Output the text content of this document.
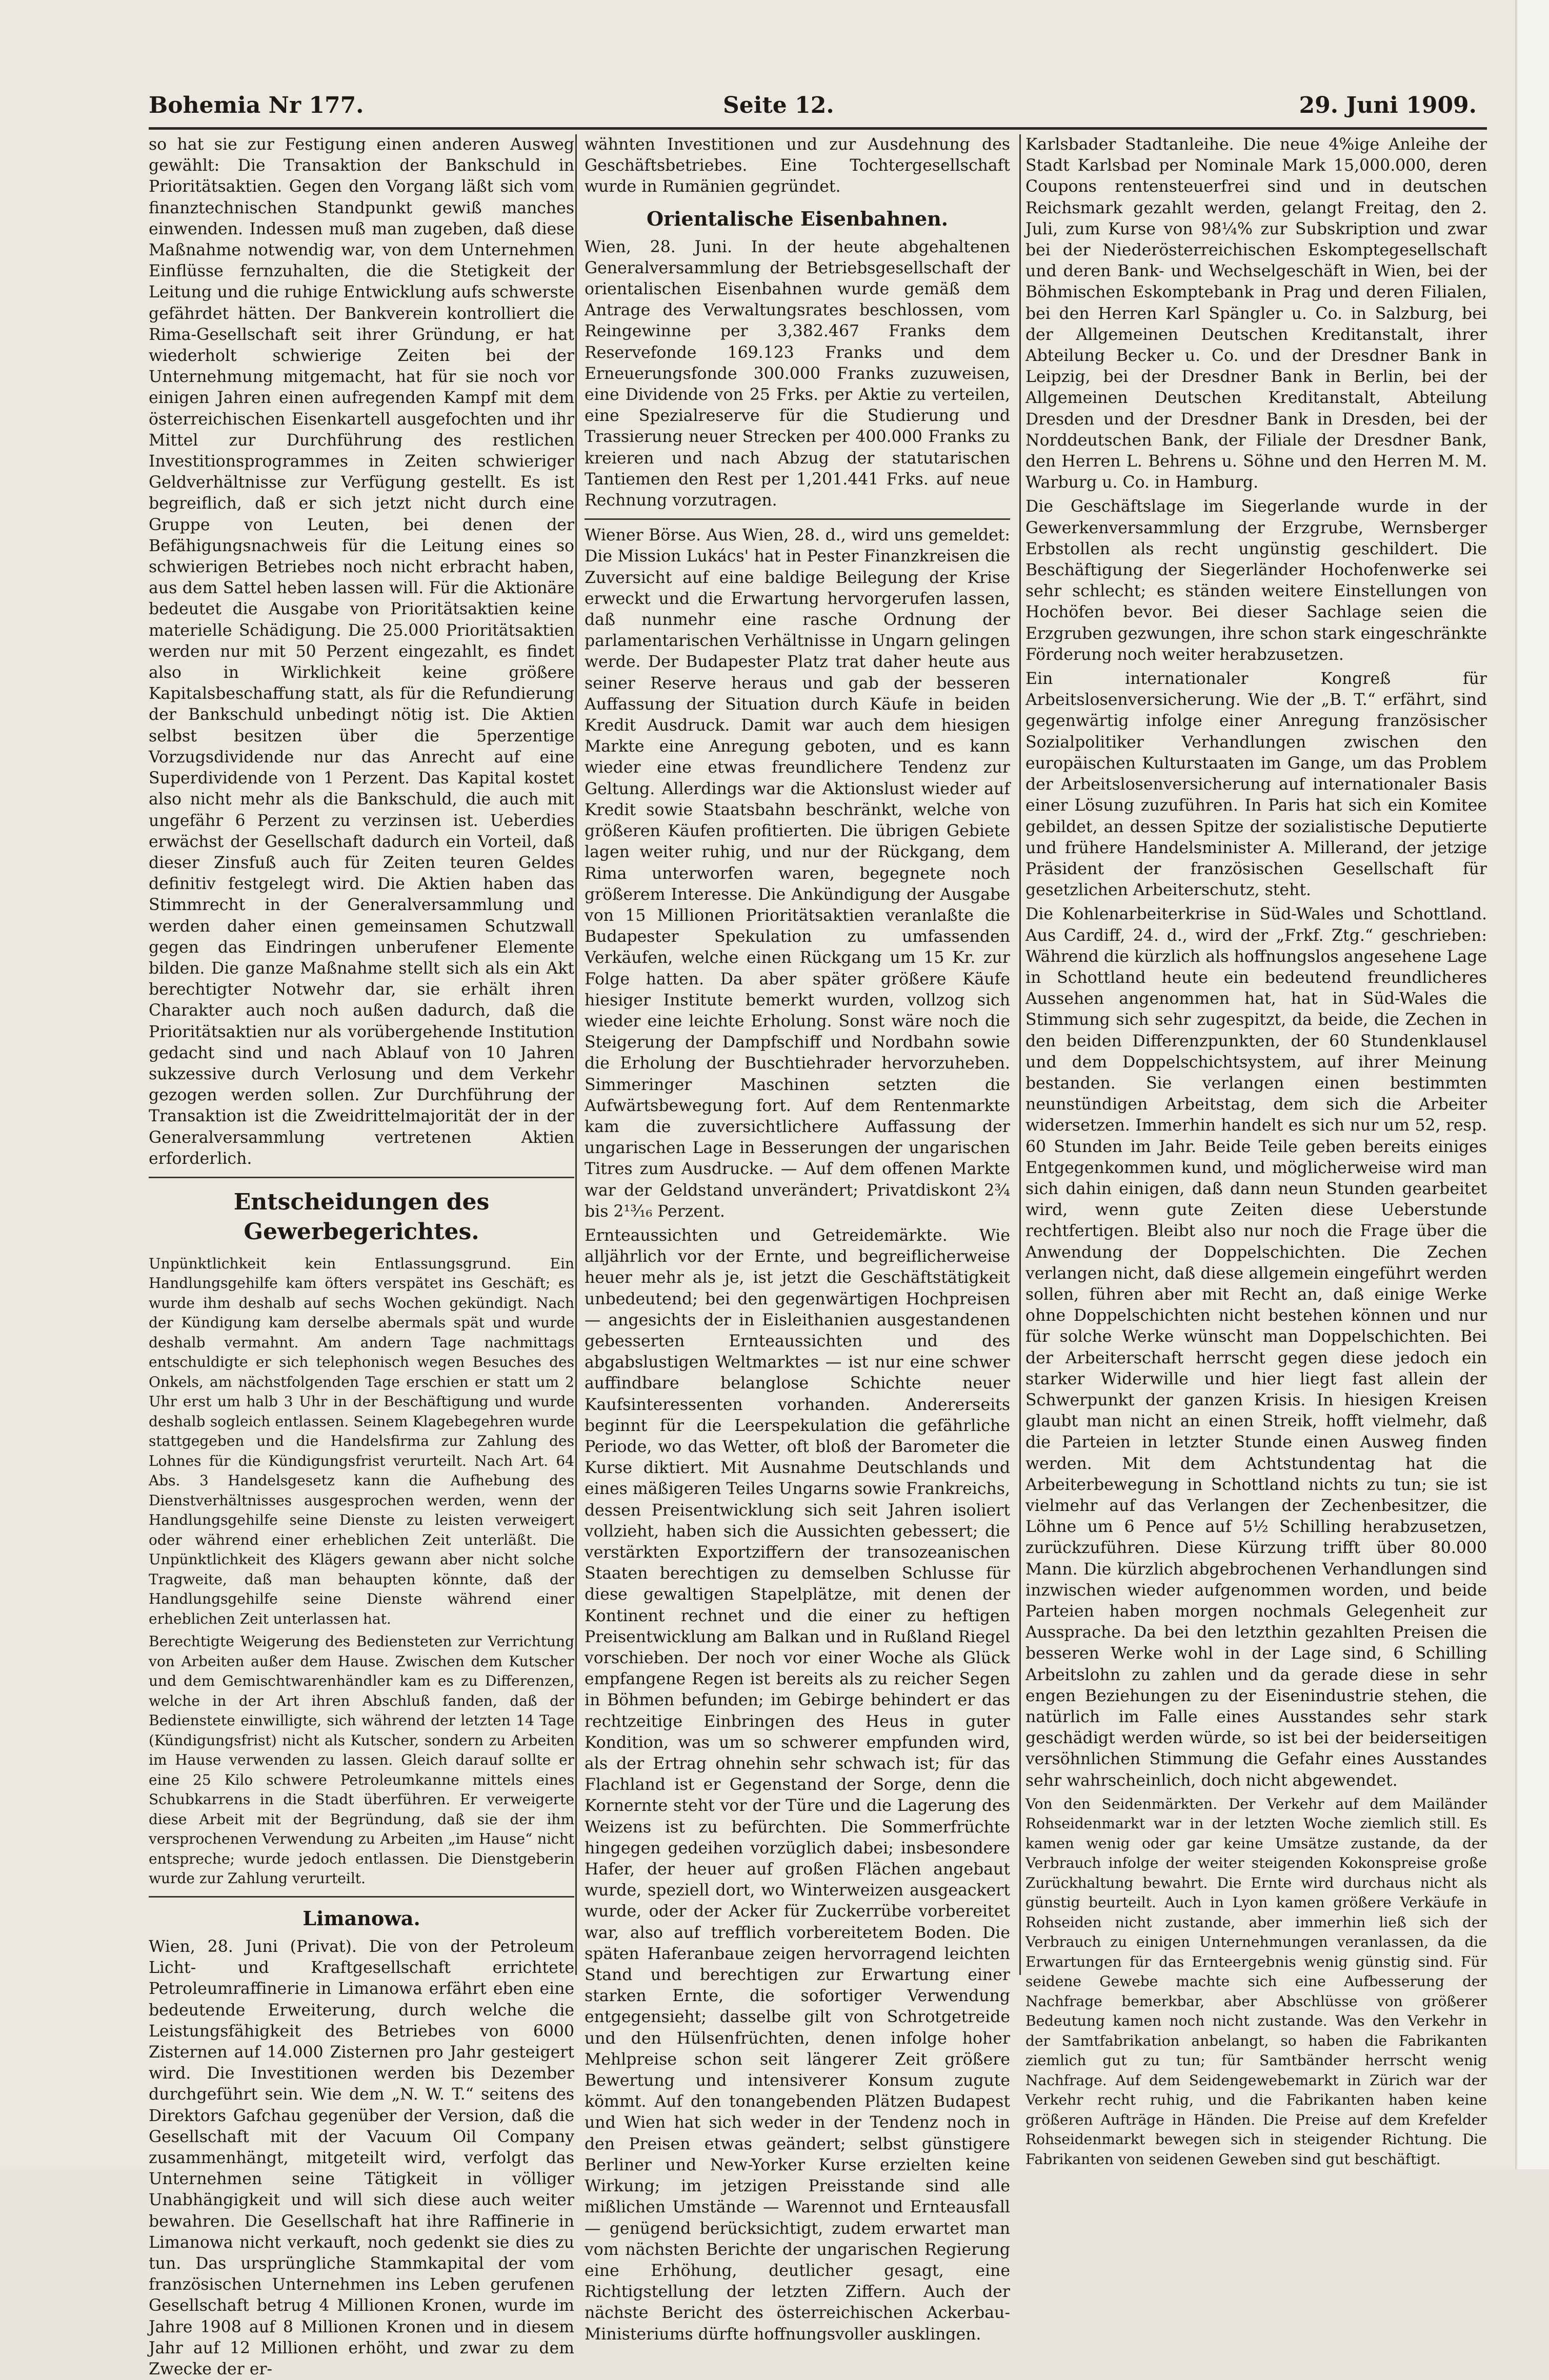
Bohemia Nr 177.	Seite 12.	29. Juni 1909.

so hat sie zur Festigung einen anderen Ausweg gewählt: Die Transaktion der Bankschuld in Prioritätsaktien. Gegen den Vorgang läßt sich vom finanztechnischen Standpunkt gewiß manches einwenden. Indessen muß man zugeben, daß diese Maßnahme notwendig war, von dem Unternehmen Einflüsse fernzuhalten, die die Stetigkeit der Leitung und die ruhige Entwicklung aufs schwerste gefährdet hätten. Der Bankverein kontrolliert die Rima-Gesellschaft seit ihrer Gründung, er hat wiederholt schwierige Zeiten bei der Unternehmung mitgemacht, hat für sie noch vor einigen Jahren einen aufregenden Kampf mit dem österreichischen Eisenkartell ausgefochten und ihr Mittel zur Durchführung des restlichen Investitionsprogrammes in Zeiten schwieriger Geldverhältnisse zur Verfügung gestellt. Es ist begreiflich, daß er sich jetzt nicht durch eine Gruppe von Leuten, bei denen der Befähigungsnachweis für die Leitung eines so schwierigen Betriebes noch nicht erbracht haben, aus dem Sattel heben lassen will. Für die Aktionäre bedeutet die Ausgabe von Prioritätsaktien keine materielle Schädigung. Die 25.000 Prioritätsaktien werden nur mit 50 Perzent eingezahlt, es findet also in Wirklichkeit keine größere Kapitalsbeschaffung statt, als für die Refundierung der Bankschuld unbedingt nötig ist. Die Aktien selbst besitzen über die 5perzentige Vorzugsdividende nur das Anrecht auf eine Superdividende von 1 Perzent. Das Kapital kostet also nicht mehr als die Bankschuld, die auch mit ungefähr 6 Perzent zu verzinsen ist. Ueberdies erwächst der Gesellschaft dadurch ein Vorteil, daß dieser Zinsfuß auch für Zeiten teuren Geldes definitiv festgelegt wird. Die Aktien haben das Stimmrecht in der Generalversammlung und werden daher einen gemeinsamen Schutzwall gegen das Eindringen unberufener Elemente bilden. Die ganze Maßnahme stellt sich als ein Akt berechtigter Notwehr dar, sie erhält ihren Charakter auch noch außen dadurch, daß die Prioritätsaktien nur als vorübergehende Institution gedacht sind und nach Ablauf von 10 Jahren sukzessive durch Verlosung und dem Verkehr gezogen werden sollen. Zur Durchführung der Transaktion ist die Zweidrittelmajorität der in der Generalversammlung vertretenen Aktien erforderlich.

Entscheidungen des Gewerbegerichtes.

Unpünktlichkeit kein Entlassungsgrund. Ein Handlungsgehilfe kam öfters verspätet ins Geschäft; es wurde ihm deshalb auf sechs Wochen gekündigt. Nach der Kündigung kam derselbe abermals spät und wurde deshalb vermahnt. Am andern Tage nachmittags entschuldigte er sich telephonisch wegen Besuches des Onkels, am nächstfolgenden Tage erschien er statt um 2 Uhr erst um halb 3 Uhr in der Beschäftigung und wurde deshalb sogleich entlassen. Seinem Klagebegehren wurde stattgegeben und die Handelsfirma zur Zahlung des Lohnes für die Kündigungsfrist verurteilt. Nach Art. 64 Abs. 3 Handelsgesetz kann die Aufhebung des Dienstverhältnisses ausgesprochen werden, wenn der Handlungsgehilfe seine Dienste zu leisten verweigert oder während einer erheblichen Zeit unterläßt. Die Unpünktlichkeit des Klägers gewann aber nicht solche Tragweite, daß man behaupten könnte, daß der Handlungsgehilfe seine Dienste während einer erheblichen Zeit unterlassen hat.

Berechtigte Weigerung des Bediensteten zur Verrichtung von Arbeiten außer dem Hause. Zwischen dem Kutscher und dem Gemischtwarenhändler kam es zu Differenzen, welche in der Art ihren Abschluß fanden, daß der Bedienstete einwilligte, sich während der letzten 14 Tage (Kündigungsfrist) nicht als Kutscher, sondern zu Arbeiten im Hause verwenden zu lassen. Gleich darauf sollte er eine 25 Kilo schwere Petroleumkanne mittels eines Schubkarrens in die Stadt überführen. Er verweigerte diese Arbeit mit der Begründung, daß sie der ihm versprochenen Verwendung zu Arbeiten „im Hause“ nicht entspreche; wurde jedoch entlassen. Die Dienstgeberin wurde zur Zahlung verurteilt.

Limanowa.

Wien, 28. Juni (Privat). Die von der Petroleum Licht- und Kraftgesellschaft errichtete Petroleumraffinerie in Limanowa erfährt eben eine bedeutende Erweiterung, durch welche die Leistungsfähigkeit des Betriebes von 6000 Zisternen auf 14.000 Zisternen pro Jahr gesteigert wird. Die Investitionen werden bis Dezember durchgeführt sein. Wie dem „N. W. T.“ seitens des Direktors Gafchau gegenüber der Version, daß die Gesellschaft mit der Vacuum Oil Company zusammenhängt, mitgeteilt wird, verfolgt das Unternehmen seine Tätigkeit in völliger Unabhängigkeit und will sich diese auch weiter bewahren. Die Gesellschaft hat ihre Raffinerie in Limanowa nicht verkauft, noch gedenkt sie dies zu tun. Das ursprüngliche Stammkapital der vom französischen Unternehmen ins Leben gerufenen Gesellschaft betrug 4 Millionen Kronen, wurde im Jahre 1908 auf 8 Millionen Kronen und in diesem Jahr auf 12 Millionen erhöht, und zwar zu dem Zwecke der er-

wähnten Investitionen und zur Ausdehnung des Geschäftsbetriebes. Eine Tochtergesellschaft wurde in Rumänien gegründet.

Orientalische Eisenbahnen.

Wien, 28. Juni. In der heute abgehaltenen Generalversammlung der Betriebsgesellschaft der orientalischen Eisenbahnen wurde gemäß dem Antrage des Verwaltungsrates beschlossen, vom Reingewinne per 3,382.467 Franks dem Reservefonde 169.123 Franks und dem Erneuerungsfonde 300.000 Franks zuzuweisen, eine Dividende von 25 Frks. per Aktie zu verteilen, eine Spezialreserve für die Studierung und Trassierung neuer Strecken per 400.000 Franks zu kreieren und nach Abzug der statutarischen Tantiemen den Rest per 1,201.441 Frks. auf neue Rechnung vorzutragen.

Wiener Börse. Aus Wien, 28. d., wird uns gemeldet: Die Mission Lukács' hat in Pester Finanzkreisen die Zuversicht auf eine baldige Beilegung der Krise erweckt und die Erwartung hervorgerufen lassen, daß nunmehr eine rasche Ordnung der parlamentarischen Verhältnisse in Ungarn gelingen werde. Der Budapester Platz trat daher heute aus seiner Reserve heraus und gab der besseren Auffassung der Situation durch Käufe in beiden Kredit Ausdruck. Damit war auch dem hiesigen Markte eine Anregung geboten, und es kann wieder eine etwas freundlichere Tendenz zur Geltung. Allerdings war die Aktionslust wieder auf Kredit sowie Staatsbahn beschränkt, welche von größeren Käufen profitierten. Die übrigen Gebiete lagen weiter ruhig, und nur der Rückgang, dem Rima unterworfen waren, begegnete noch größerem Interesse. Die Ankündigung der Ausgabe von 15 Millionen Prioritätsaktien veranlaßte die Budapester Spekulation zu umfassenden Verkäufen, welche einen Rückgang um 15 Kr. zur Folge hatten. Da aber später größere Käufe hiesiger Institute bemerkt wurden, vollzog sich wieder eine leichte Erholung. Sonst wäre noch die Steigerung der Dampfschiff und Nordbahn sowie die Erholung der Buschtiehrader hervorzuheben. Simmeringer Maschinen setzten die Aufwärtsbewegung fort. Auf dem Rentenmarkte kam die zuversichtlichere Auffassung der ungarischen Lage in Besserungen der ungarischen Titres zum Ausdrucke. — Auf dem offenen Markte war der Geldstand unverändert; Privatdiskont 2¾ bis 2¹³⁄₁₆ Perzent.

Ernteaussichten und Getreidemärkte. Wie alljährlich vor der Ernte, und begreiflicherweise heuer mehr als je, ist jetzt die Geschäftstätigkeit unbedeutend; bei den gegenwärtigen Hochpreisen — angesichts der in Eisleithanien ausgestandenen gebesserten Ernteaussichten und des abgabslustigen Weltmarktes — ist nur eine schwer auffindbare belanglose Schichte neuer Kaufsinteressenten vorhanden. Andererseits beginnt für die Leerspekulation die gefährliche Periode, wo das Wetter, oft bloß der Barometer die Kurse diktiert. Mit Ausnahme Deutschlands und eines mäßigeren Teiles Ungarns sowie Frankreichs, dessen Preisentwicklung sich seit Jahren isoliert vollzieht, haben sich die Aussichten gebessert; die verstärkten Exportziffern der transozeanischen Staaten berechtigen zu demselben Schlusse für diese gewaltigen Stapelplätze, mit denen der Kontinent rechnet und die einer zu heftigen Preisentwicklung am Balkan und in Rußland Riegel vorschieben. Der noch vor einer Woche als Glück empfangene Regen ist bereits als zu reicher Segen in Böhmen befunden; im Gebirge behindert er das rechtzeitige Einbringen des Heus in guter Kondition, was um so schwerer empfunden wird, als der Ertrag ohnehin sehr schwach ist; für das Flachland ist er Gegenstand der Sorge, denn die Kornernte steht vor der Türe und die Lagerung des Weizens ist zu befürchten. Die Sommerfrüchte hingegen gedeihen vorzüglich dabei; insbesondere Hafer, der heuer auf großen Flächen angebaut wurde, speziell dort, wo Winterweizen ausgeackert wurde, oder der Acker für Zuckerrübe vorbereitet war, also auf trefflich vorbereitetem Boden. Die späten Haferanbaue zeigen hervorragend leichten Stand und berechtigen zur Erwartung einer starken Ernte, die sofortiger Verwendung entgegensieht; dasselbe gilt von Schrotgetreide und den Hülsenfrüchten, denen infolge hoher Mehlpreise schon seit längerer Zeit größere Bewertung und intensiverer Konsum zugute kömmt. Auf den tonangebenden Plätzen Budapest und Wien hat sich weder in der Tendenz noch in den Preisen etwas geändert; selbst günstigere Berliner und New-Yorker Kurse erzielten keine Wirkung; im jetzigen Preisstande sind alle mißlichen Umstände — Warennot und Ernteausfall — genügend berücksichtigt, zudem erwartet man vom nächsten Berichte der ungarischen Regierung eine Erhöhung, deutlicher gesagt, eine Richtigstellung der letzten Ziffern. Auch der nächste Bericht des österreichischen Ackerbau-Ministeriums dürfte hoffnungsvoller ausklingen.

Karlsbader Stadtanleihe. Die neue 4%ige Anleihe der Stadt Karlsbad per Nominale Mark 15,000.000, deren Coupons rentensteuerfrei sind und in deutschen Reichsmark gezahlt werden, gelangt Freitag, den 2. Juli, zum Kurse von 98¼% zur Subskription und zwar bei der Niederösterreichischen Eskomptegesellschaft und deren Bank- und Wechselgeschäft in Wien, bei der Böhmischen Eskomptebank in Prag und deren Filialen, bei den Herren Karl Spängler u. Co. in Salzburg, bei der Allgemeinen Deutschen Kreditanstalt, ihrer Abteilung Becker u. Co. und der Dresdner Bank in Leipzig, bei der Dresdner Bank in Berlin, bei der Allgemeinen Deutschen Kreditanstalt, Abteilung Dresden und der Dresdner Bank in Dresden, bei der Norddeutschen Bank, der Filiale der Dresdner Bank, den Herren L. Behrens u. Söhne und den Herren M. M. Warburg u. Co. in Hamburg.

Die Geschäftslage im Siegerlande wurde in der Gewerkenversammlung der Erzgrube, Wernsberger Erbstollen als recht ungünstig geschildert. Die Beschäftigung der Siegerländer Hochofenwerke sei sehr schlecht; es ständen weitere Einstellungen von Hochöfen bevor. Bei dieser Sachlage seien die Erzgruben gezwungen, ihre schon stark eingeschränkte Förderung noch weiter herabzusetzen.

Ein internationaler Kongreß für Arbeitslosenversicherung. Wie der „B. T.“ erfährt, sind gegenwärtig infolge einer Anregung französischer Sozialpolitiker Verhandlungen zwischen den europäischen Kulturstaaten im Gange, um das Problem der Arbeitslosenversicherung auf internationaler Basis einer Lösung zuzuführen. In Paris hat sich ein Komitee gebildet, an dessen Spitze der sozialistische Deputierte und frühere Handelsminister A. Millerand, der jetzige Präsident der französischen Gesellschaft für gesetzlichen Arbeiterschutz, steht.

Die Kohlenarbeiterkrise in Süd-Wales und Schottland. Aus Cardiff, 24. d., wird der „Frkf. Ztg.“ geschrieben: Während die kürzlich als hoffnungslos angesehene Lage in Schottland heute ein bedeutend freundlicheres Aussehen angenommen hat, hat in Süd-Wales die Stimmung sich sehr zugespitzt, da beide, die Zechen in den beiden Differenzpunkten, der 60 Stundenklausel und dem Doppelschichtsystem, auf ihrer Meinung bestanden. Sie verlangen einen bestimmten neunstündigen Arbeitstag, dem sich die Arbeiter widersetzen. Immerhin handelt es sich nur um 52, resp. 60 Stunden im Jahr. Beide Teile geben bereits einiges Entgegenkommen kund, und möglicherweise wird man sich dahin einigen, daß dann neun Stunden gearbeitet wird, wenn gute Zeiten diese Ueberstunde rechtfertigen. Bleibt also nur noch die Frage über die Anwendung der Doppelschichten. Die Zechen verlangen nicht, daß diese allgemein eingeführt werden sollen, führen aber mit Recht an, daß einige Werke ohne Doppelschichten nicht bestehen können und nur für solche Werke wünscht man Doppelschichten. Bei der Arbeiterschaft herrscht gegen diese jedoch ein starker Widerwille und hier liegt fast allein der Schwerpunkt der ganzen Krisis. In hiesigen Kreisen glaubt man nicht an einen Streik, hofft vielmehr, daß die Parteien in letzter Stunde einen Ausweg finden werden. Mit dem Achtstundentag hat die Arbeiterbewegung in Schottland nichts zu tun; sie ist vielmehr auf das Verlangen der Zechenbesitzer, die Löhne um 6 Pence auf 5½ Schilling herabzusetzen, zurückzuführen. Diese Kürzung trifft über 80.000 Mann. Die kürzlich abgebrochenen Verhandlungen sind inzwischen wieder aufgenommen worden, und beide Parteien haben morgen nochmals Gelegenheit zur Aussprache. Da bei den letzthin gezahlten Preisen die besseren Werke wohl in der Lage sind, 6 Schilling Arbeitslohn zu zahlen und da gerade diese in sehr engen Beziehungen zu der Eisenindustrie stehen, die natürlich im Falle eines Ausstandes sehr stark geschädigt werden würde, so ist bei der beiderseitigen versöhnlichen Stimmung die Gefahr eines Ausstandes sehr wahrscheinlich, doch nicht abgewendet.

Von den Seidenmärkten. Der Verkehr auf dem Mailänder Rohseidenmarkt war in der letzten Woche ziemlich still. Es kamen wenig oder gar keine Umsätze zustande, da der Verbrauch infolge der weiter steigenden Kokonspreise große Zurückhaltung bewahrt. Die Ernte wird durchaus nicht als günstig beurteilt. Auch in Lyon kamen größere Verkäufe in Rohseiden nicht zustande, aber immerhin ließ sich der Verbrauch zu einigen Unternehmungen veranlassen, da die Erwartungen für das Ernteergebnis wenig günstig sind. Für seidene Gewebe machte sich eine Aufbesserung der Nachfrage bemerkbar, aber Abschlüsse von größerer Bedeutung kamen noch nicht zustande. Was den Verkehr in der Samtfabrikation anbelangt, so haben die Fabrikanten ziemlich gut zu tun; für Samtbänder herrscht wenig Nachfrage. Auf dem Seidengewebemarkt in Zürich war der Verkehr recht ruhig, und die Fabrikanten haben keine größeren Aufträge in Händen. Die Preise auf dem Krefelder Rohseidenmarkt bewegen sich in steigender Richtung. Die Fabrikanten von seidenen Geweben sind gut beschäftigt.
